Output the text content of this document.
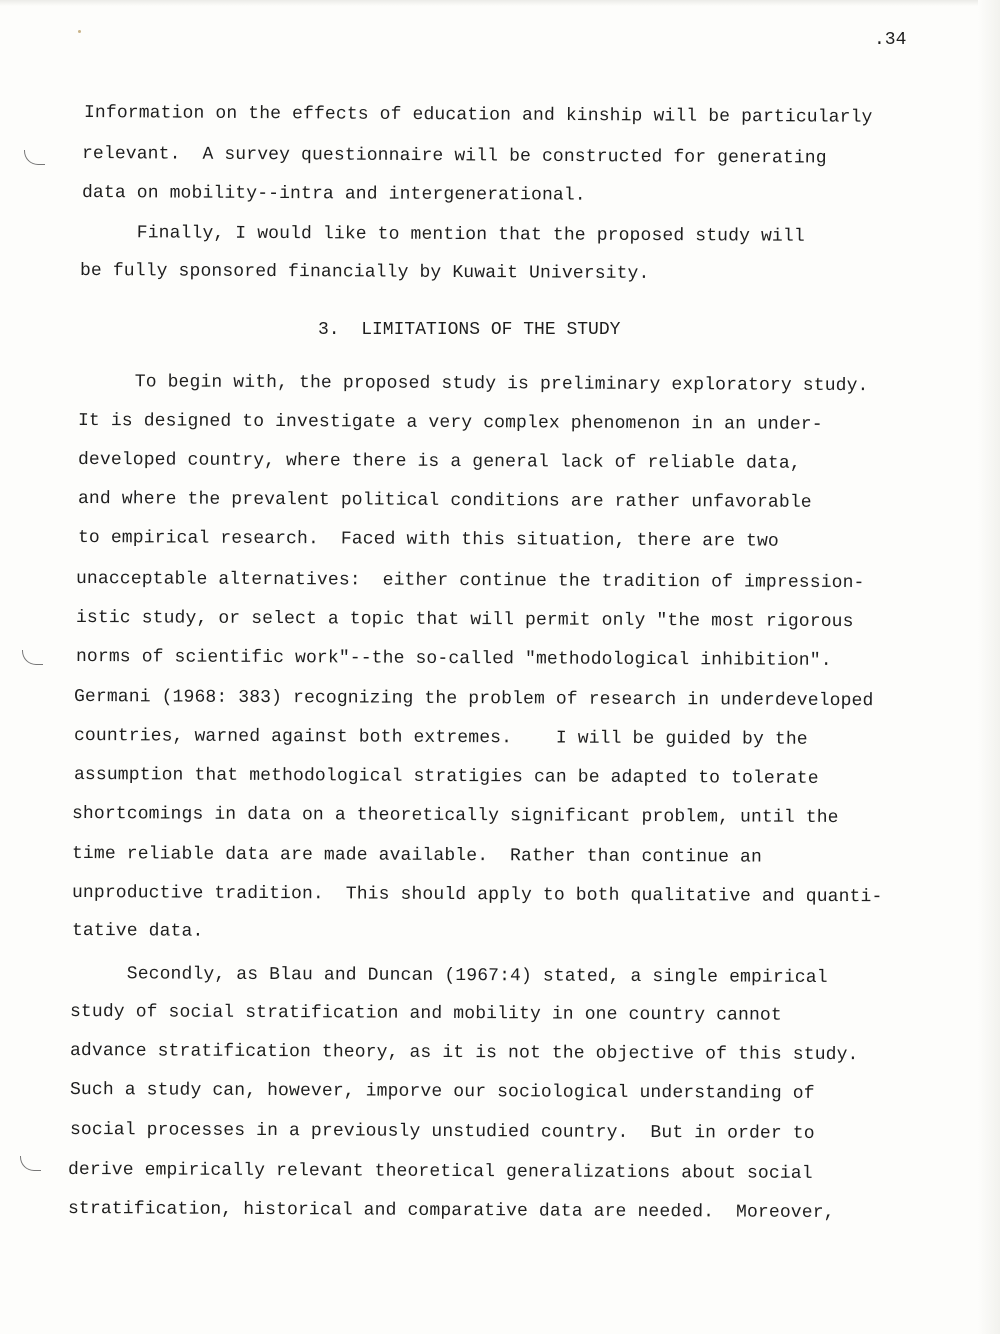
.34
Information on the effects of education and kinship will be particularly
relevant.  A survey questionnaire will be constructed for generating
data on mobility--intra and intergenerational.
Finally, I would like to mention that the proposed study will
be fully sponsored financially by Kuwait University.
3.  LIMITATIONS OF THE STUDY
To begin with, the proposed study is preliminary exploratory study.
It is designed to investigate a very complex phenomenon in an under-
developed country, where there is a general lack of reliable data,
and where the prevalent political conditions are rather unfavorable
to empirical research.  Faced with this situation, there are two
unacceptable alternatives:  either continue the tradition of impression-
istic study, or select a topic that will permit only "the most rigorous
norms of scientific work"--the so-called "methodological inhibition".
Germani (1968: 383) recognizing the problem of research in underdeveloped
countries, warned against both extremes.    I will be guided by the
assumption that methodological stratigies can be adapted to tolerate
shortcomings in data on a theoretically significant problem, until the
time reliable data are made available.  Rather than continue an
unproductive tradition.  This should apply to both qualitative and quanti-
tative data.
Secondly, as Blau and Duncan (1967:4) stated, a single empirical
study of social stratification and mobility in one country cannot
advance stratification theory, as it is not the objective of this study.
Such a study can, however, imporve our sociological understanding of
social processes in a previously unstudied country.  But in order to
derive empirically relevant theoretical generalizations about social
stratification, historical and comparative data are needed.  Moreover,
